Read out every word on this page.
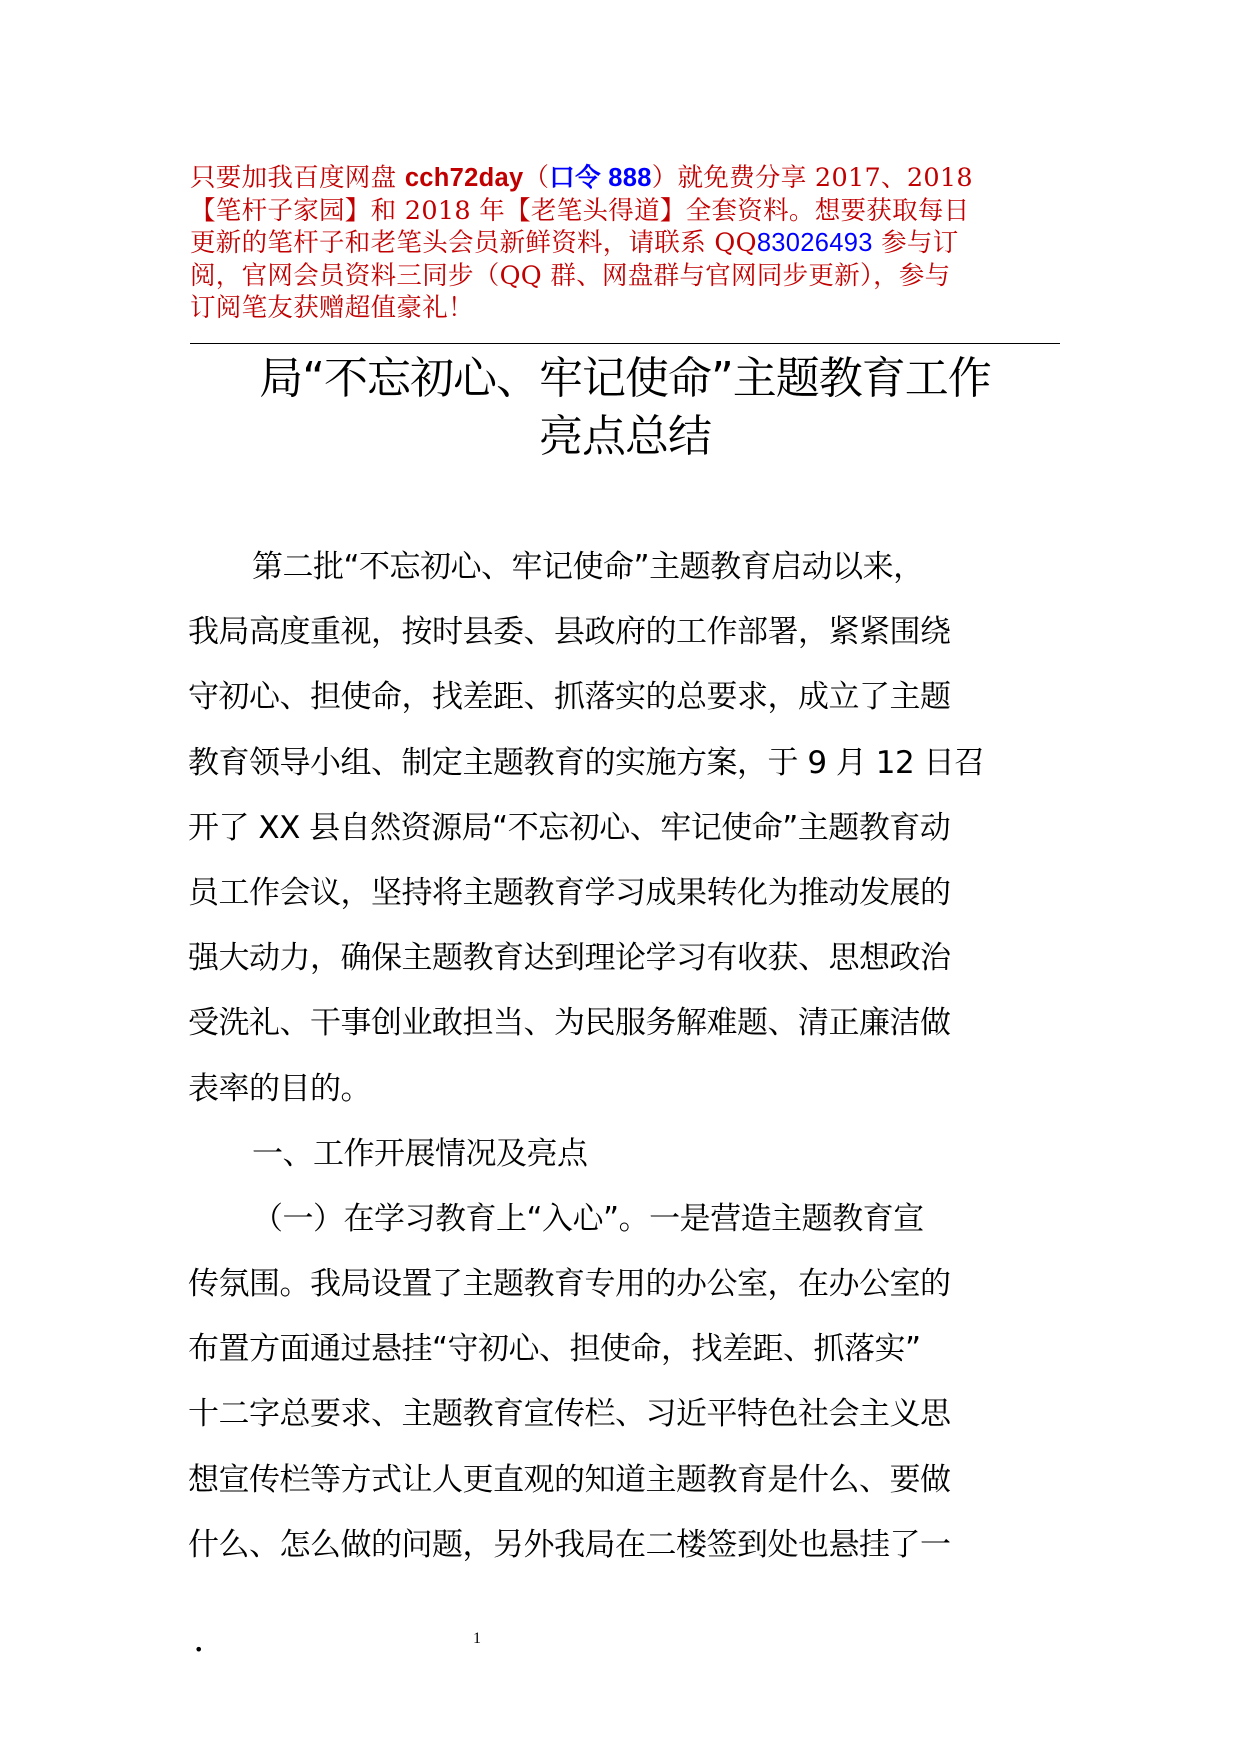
只要加我百度网盘 cch72day（口令 888）就免费分享 2017、2018
【笔杆子家园】和 2018 年【老笔头得道】全套资料。想要获取每日
更新的笔杆子和老笔头会员新鲜资料，请联系 QQ83026493 参与订
阅，官网会员资料三同步（QQ 群、网盘群与官网同步更新），参与
订阅笔友获赠超值豪礼！
局“不忘初心、牢记使命”主题教育工作
亮点总结
第二批“不忘初心、牢记使命”主题教育启动以来，
我局高度重视，按时县委、县政府的工作部署，紧紧围绕
守初心、担使命，找差距、抓落实的总要求，成立了主题
教育领导小组、制定主题教育的实施方案，于 9 月 12 日召
开了 XX 县自然资源局“不忘初心、牢记使命”主题教育动
员工作会议，坚持将主题教育学习成果转化为推动发展的
强大动力，确保主题教育达到理论学习有收获、思想政治
受洗礼、干事创业敢担当、为民服务解难题、清正廉洁做
表率的目的。
一、工作开展情况及亮点
（一）在学习教育上“入心”。一是营造主题教育宣
传氛围。我局设置了主题教育专用的办公室，在办公室的
布置方面通过悬挂“守初心、担使命，找差距、抓落实”
十二字总要求、主题教育宣传栏、习近平特色社会主义思
想宣传栏等方式让人更直观的知道主题教育是什么、要做
什么、怎么做的问题，另外我局在二楼签到处也悬挂了一
•
1
